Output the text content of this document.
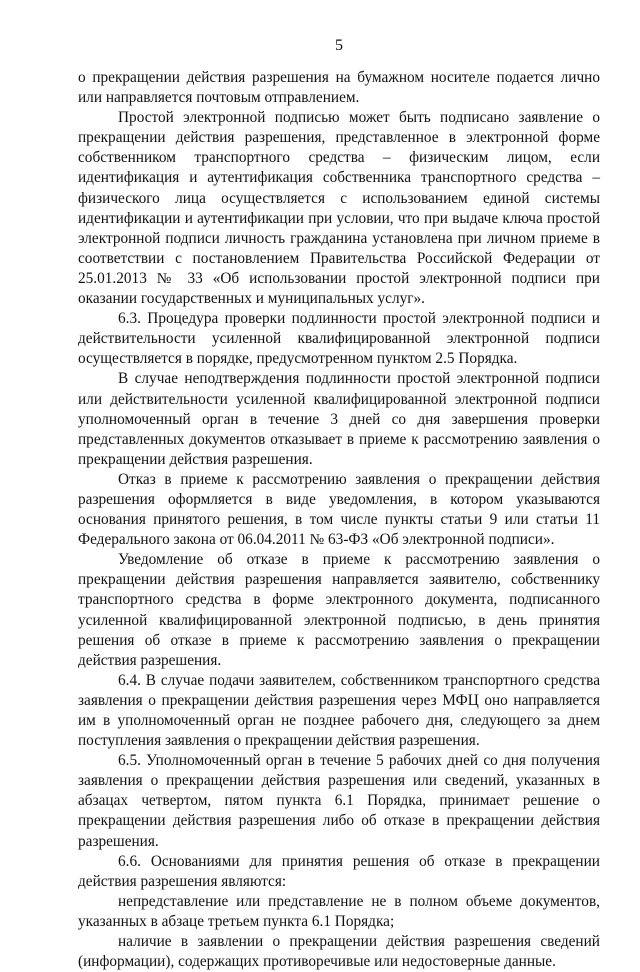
5

о прекращении действия разрешения на бумажном носителе подается лично или направляется почтовым отправлением.

Простой электронной подписью может быть подписано заявление о прекращении действия разрешения, представленное в электронной форме собственником транспортного средства – физическим лицом, если идентификация и аутентификация собственника транспортного средства – физического лица осуществляется с использованием единой системы идентификации и аутентификации при условии, что при выдаче ключа простой электронной подписи личность гражданина установлена при личном приеме в соответствии с постановлением Правительства Российской Федерации от 25.01.2013 № 33 «Об использовании простой электронной подписи при оказании государственных и муниципальных услуг».

6.3. Процедура проверки подлинности простой электронной подписи и действительности усиленной квалифицированной электронной подписи осуществляется в порядке, предусмотренном пунктом 2.5 Порядка.

В случае неподтверждения подлинности простой электронной подписи или действительности усиленной квалифицированной электронной подписи уполномоченный орган в течение 3 дней со дня завершения проверки представленных документов отказывает в приеме к рассмотрению заявления о прекращении действия разрешения.

Отказ в приеме к рассмотрению заявления о прекращении действия разрешения оформляется в виде уведомления, в котором указываются основания принятого решения, в том числе пункты статьи 9 или статьи 11 Федерального закона от 06.04.2011 № 63-ФЗ «Об электронной подписи».

Уведомление об отказе в приеме к рассмотрению заявления о прекращении действия разрешения направляется заявителю, собственнику транспортного средства в форме электронного документа, подписанного усиленной квалифицированной электронной подписью, в день принятия решения об отказе в приеме к рассмотрению заявления о прекращении действия разрешения.

6.4. В случае подачи заявителем, собственником транспортного средства заявления о прекращении действия разрешения через МФЦ оно направляется им в уполномоченный орган не позднее рабочего дня, следующего за днем поступления заявления о прекращении действия разрешения.

6.5. Уполномоченный орган в течение 5 рабочих дней со дня получения заявления о прекращении действия разрешения или сведений, указанных в абзацах четвертом, пятом пункта 6.1 Порядка, принимает решение о прекращении действия разрешения либо об отказе в прекращении действия разрешения.

6.6. Основаниями для принятия решения об отказе в прекращении действия разрешения являются:

непредставление или представление не в полном объеме документов, указанных в абзаце третьем пункта 6.1 Порядка;

наличие в заявлении о прекращении действия разрешения сведений (информации), содержащих противоречивые или недостоверные данные.
